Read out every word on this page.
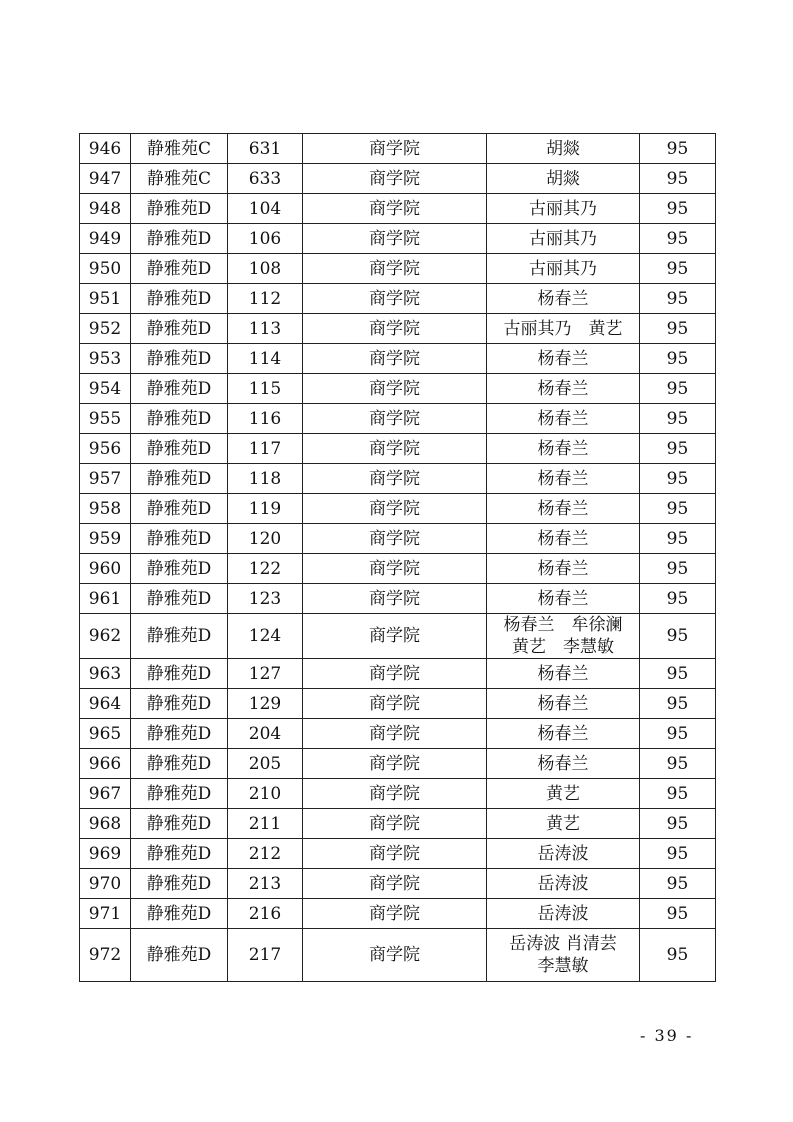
946	静雅苑C	631	商学院	胡燚	95
947	静雅苑C	633	商学院	胡燚	95
948	静雅苑D	104	商学院	古丽其乃	95
949	静雅苑D	106	商学院	古丽其乃	95
950	静雅苑D	108	商学院	古丽其乃	95
951	静雅苑D	112	商学院	杨春兰	95
952	静雅苑D	113	商学院	古丽其乃　黄艺	95
953	静雅苑D	114	商学院	杨春兰	95
954	静雅苑D	115	商学院	杨春兰	95
955	静雅苑D	116	商学院	杨春兰	95
956	静雅苑D	117	商学院	杨春兰	95
957	静雅苑D	118	商学院	杨春兰	95
958	静雅苑D	119	商学院	杨春兰	95
959	静雅苑D	120	商学院	杨春兰	95
960	静雅苑D	122	商学院	杨春兰	95
961	静雅苑D	123	商学院	杨春兰	95
962	静雅苑D	124	商学院	杨春兰　牟徐澜
黄艺　李慧敏	95
963	静雅苑D	127	商学院	杨春兰	95
964	静雅苑D	129	商学院	杨春兰	95
965	静雅苑D	204	商学院	杨春兰	95
966	静雅苑D	205	商学院	杨春兰	95
967	静雅苑D	210	商学院	黄艺	95
968	静雅苑D	211	商学院	黄艺	95
969	静雅苑D	212	商学院	岳涛波	95
970	静雅苑D	213	商学院	岳涛波	95
971	静雅苑D	216	商学院	岳涛波	95
972	静雅苑D	217	商学院	岳涛波 肖清芸
李慧敏	95
- 39 -
